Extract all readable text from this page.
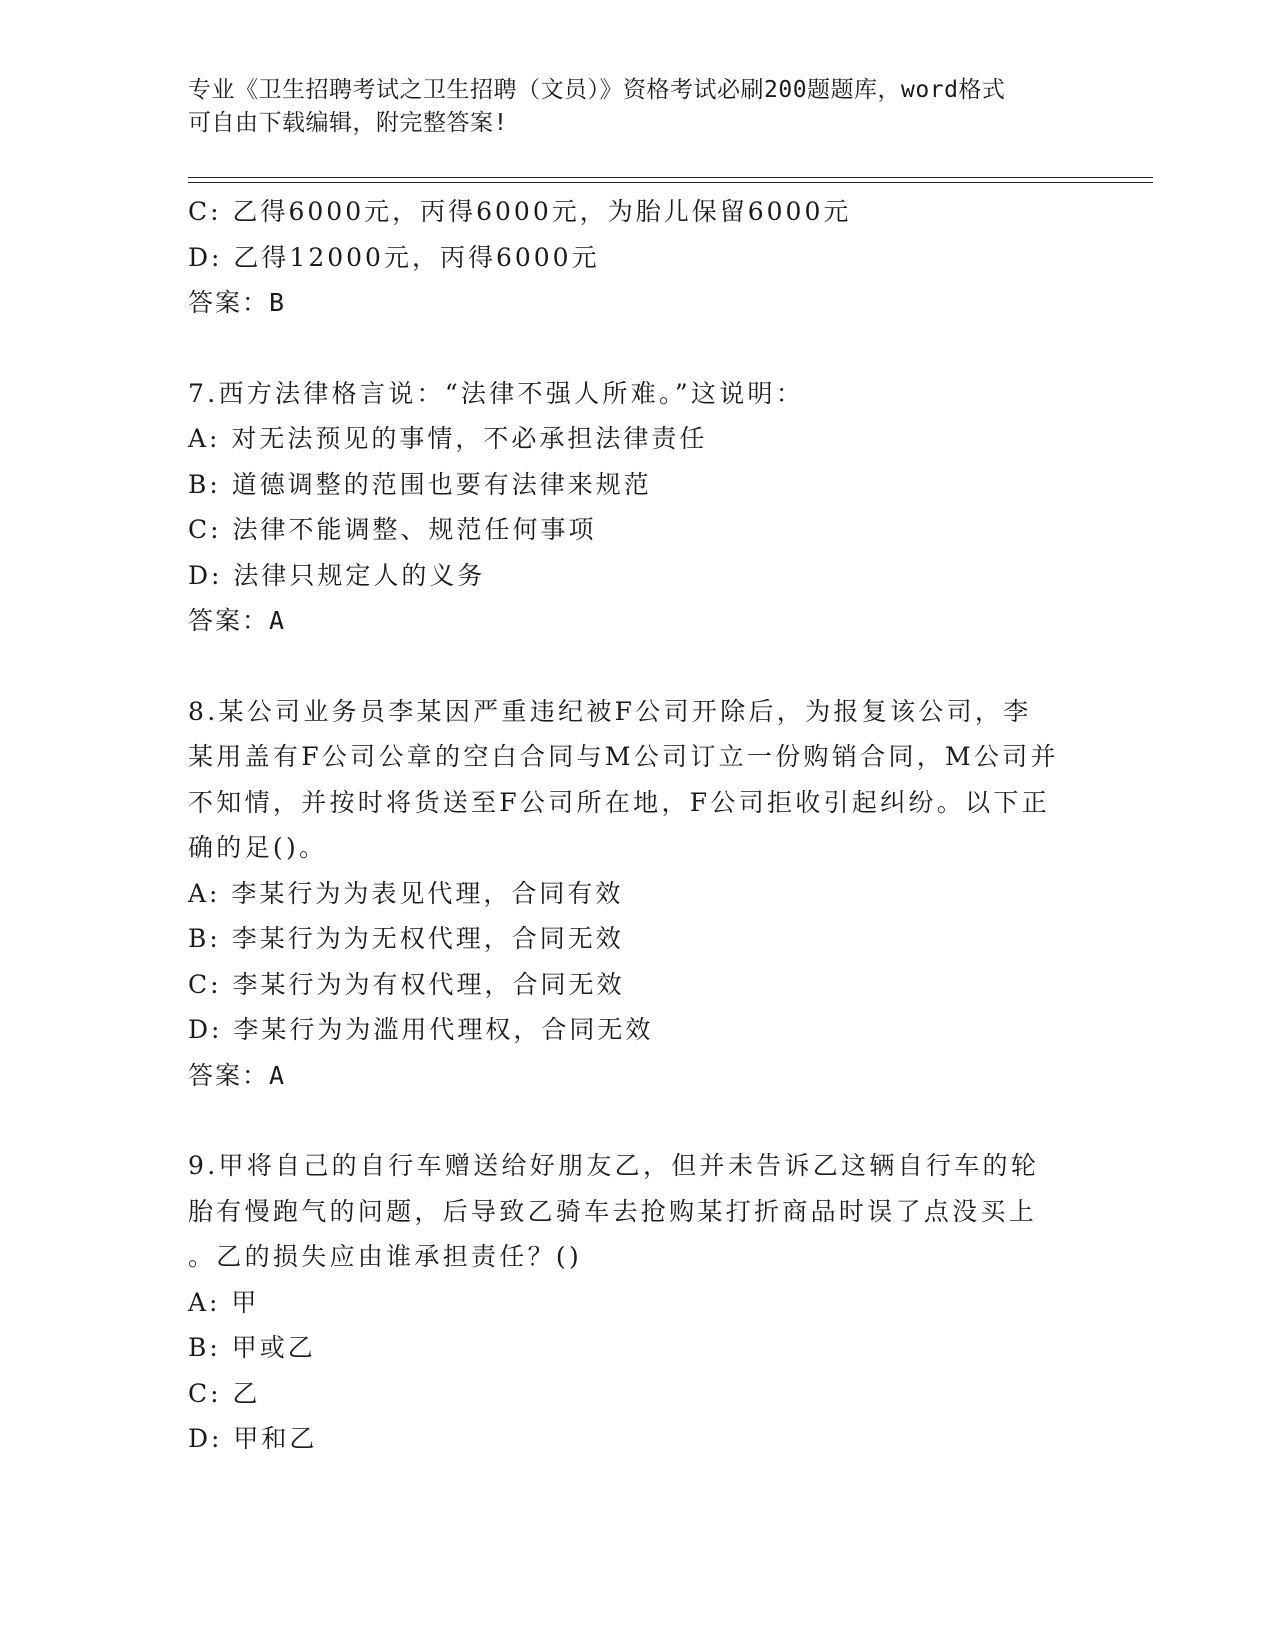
专业《卫生招聘考试之卫生招聘（文员）》资格考试必刷200题题库，word格式
可自由下载编辑，附完整答案!
C: 乙得6000元，丙得6000元，为胎儿保留6000元
D: 乙得12000元，丙得6000元
答案：B
7.西方法律格言说：“法律不强人所难。”这说明：
A: 对无法预见的事情，不必承担法律责任
B: 道德调整的范围也要有法律来规范
C: 法律不能调整、规范任何事项
D: 法律只规定人的义务
答案：A
8.某公司业务员李某因严重违纪被F公司开除后，为报复该公司，李
某用盖有F公司公章的空白合同与M公司订立一份购销合同，M公司并
不知情，并按时将货送至F公司所在地，F公司拒收引起纠纷。以下正
确的足()。
A: 李某行为为表见代理，合同有效
B: 李某行为为无权代理，合同无效
C: 李某行为为有权代理，合同无效
D: 李某行为为滥用代理权，合同无效
答案：A
9.甲将自己的自行车赠送给好朋友乙，但并未告诉乙这辆自行车的轮
胎有慢跑气的问题，后导致乙骑车去抢购某打折商品时误了点没买上
。乙的损失应由谁承担责任？()
A: 甲
B: 甲或乙
C: 乙
D: 甲和乙
